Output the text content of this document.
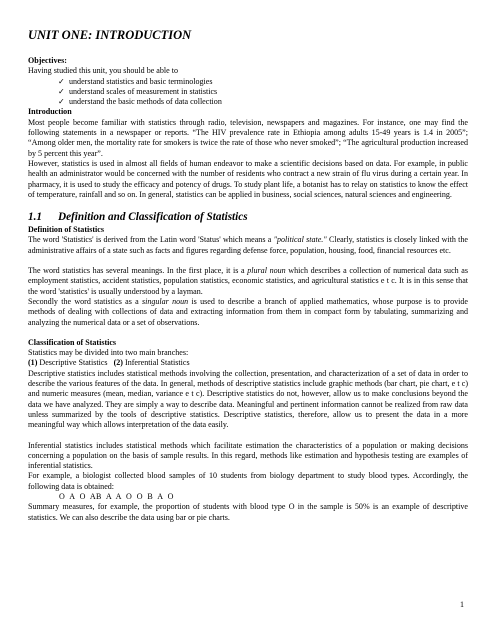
UNIT ONE: INTRODUCTION
Objectives:

Having studied this unit, you should be able to

✓ understand statistics and basic terminologies
✓ understand scales of measurement in statistics
✓ understand the basic methods of data collection
Introduction

Most people become familiar with statistics through radio, television, newspapers and magazines. For instance, one may find the following statements in a newspaper or reports. “The HIV prevalence rate in Ethiopia among adults 15-49 years is 1.4 in 2005”; “Among older men, the mortality rate for smokers is twice the rate of those who never smoked”; “The agricultural production increased by 5 percent this year”.

However, statistics is used in almost all fields of human endeavor to make a scientific decisions based on data. For example, in public health an administrator would be concerned with the number of residents who contract a new strain of flu virus during a certain year. In pharmacy, it is used to study the efficacy and potency of drugs. To study plant life, a botanist has to relay on statistics to know the effect of temperature, rainfall and so on. In general, statistics can be applied in business, social sciences, natural sciences and engineering.

1.1	Definition and Classification of Statistics
Definition of Statistics

The word 'Statistics' is derived from the Latin word 'Status' which means a "political state." Clearly, statistics is closely linked with the administrative affairs of a state such as facts and figures regarding defense force, population, housing, food, financial resources etc.

The word statistics has several meanings. In the first place, it is a plural noun which describes a collection of numerical data such as employment statistics, accident statistics, population statistics, economic statistics, and agricultural statistics e t c. It is in this sense that the word 'statistics' is usually understood by a layman.

Secondly the word statistics as a singular noun is used to describe a branch of applied mathematics, whose purpose is to provide methods of dealing with collections of data and extracting information from them in compact form by tabulating, summarizing and analyzing the numerical data or a set of observations.

Classification of Statistics

Statistics may be divided into two main branches:

(1) Descriptive Statistics   (2) Inferential Statistics

Descriptive statistics includes statistical methods involving the collection, presentation, and characterization of a set of data in order to describe the various features of the data. In general, methods of descriptive statistics include graphic methods (bar chart, pie chart, e t c) and numeric measures (mean, median, variance e t c). Descriptive statistics do not, however, allow us to make conclusions beyond the data we have analyzed. They are simply a way to describe data. Meaningful and pertinent information cannot be realized from raw data unless summarized by the tools of descriptive statistics. Descriptive statistics, therefore, allow us to present the data in a more meaningful way which allows interpretation of the data easily.

Inferential statistics includes statistical methods which facilitate estimation the characteristics of a population or making decisions concerning a population on the basis of sample results. In this regard, methods like estimation and hypothesis testing are examples of inferential statistics.

For example, a biologist collected blood samples of 10 students from biology department to study blood types. Accordingly, the following data is obtained:

O  A  O  AB  A  A  O  O  B  A  O

Summary measures, for example, the proportion of students with blood type O in the sample is 50% is an example of descriptive statistics. We can also describe the data using bar or pie charts.

1
